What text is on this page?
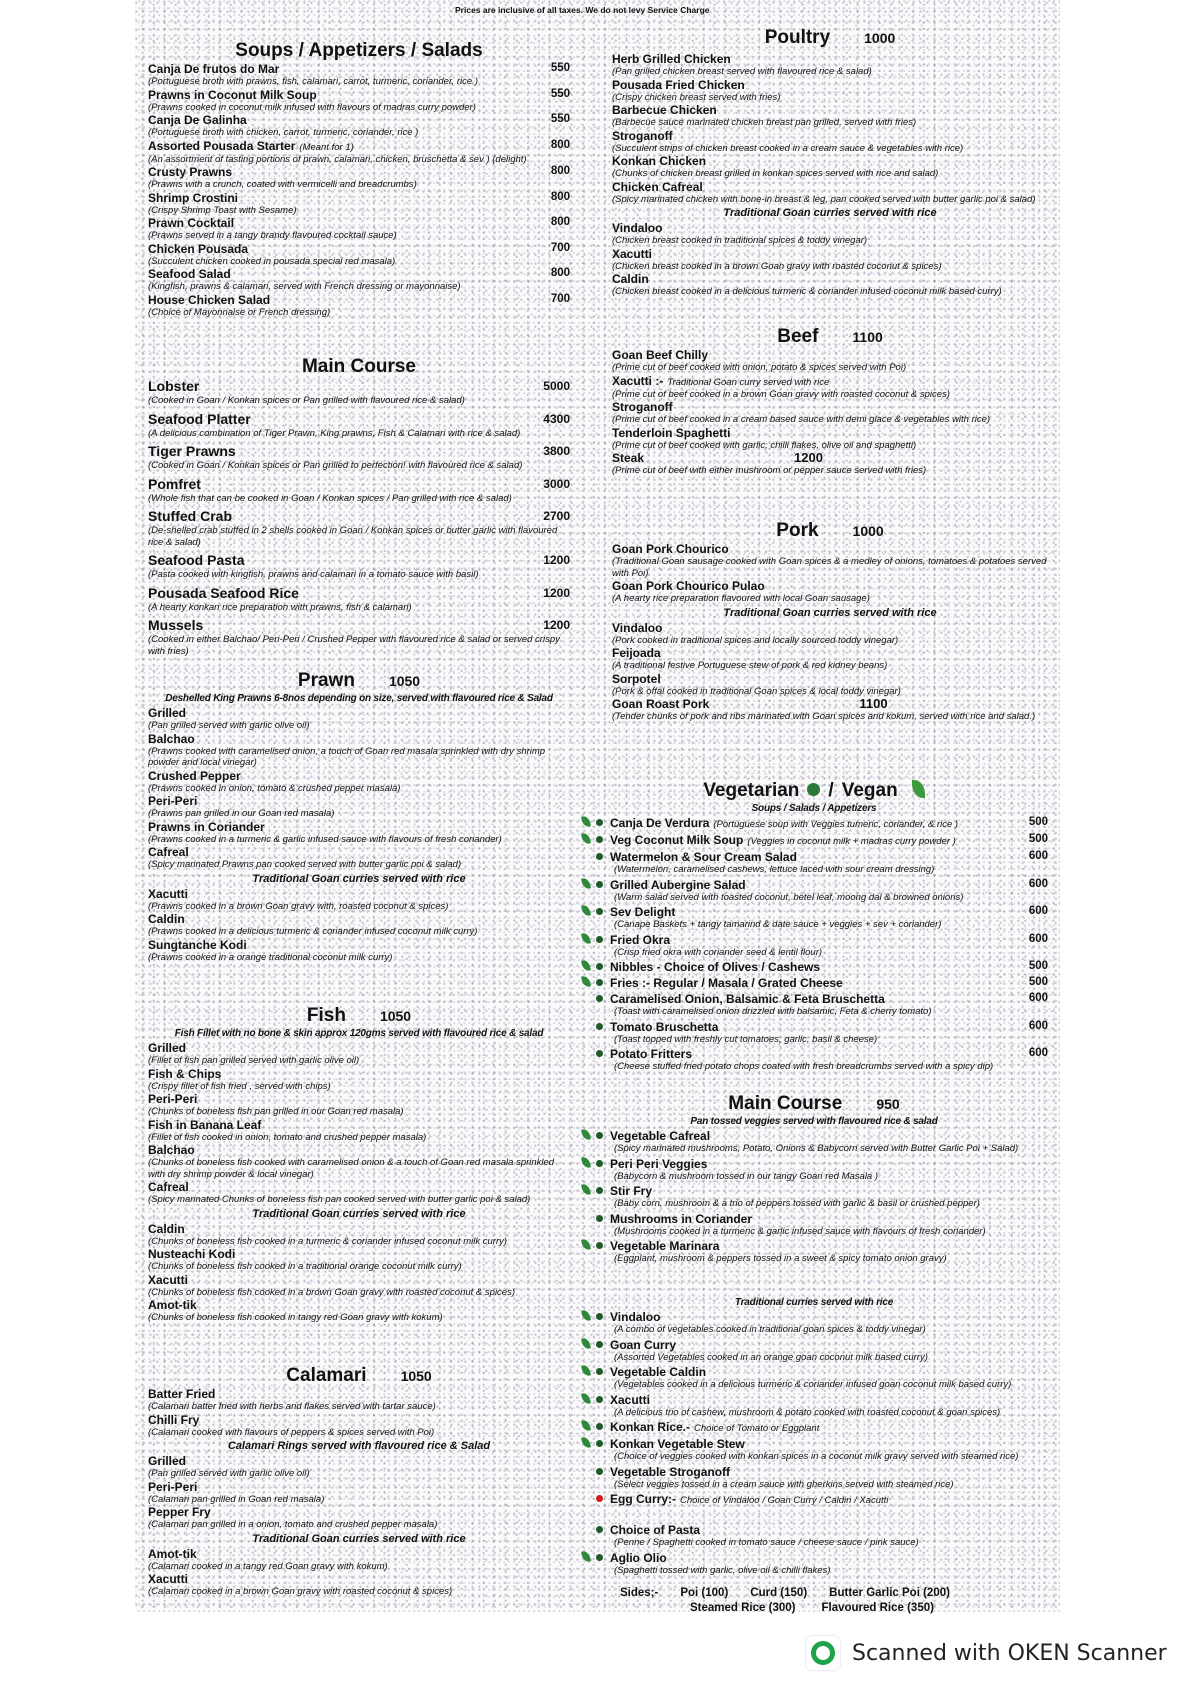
Prices are inclusive of all taxes. We do not levy Service Charge
Soups / Appetizers / Salads
Canja De frutos do Mar	550
(Portuguese broth with prawns, fish, calamari, carrot, turmeric, coriander, rice )
Prawns in Coconut Milk Soup	550
(Prawns cooked in coconut milk infused with flavours of madras curry powder)
Canja De Galinha	550
(Portuguese broth with chicken, carrot, turmeric, coriander, rice )
Assorted Pousada Starter (Meant for 1)	800
(An assortment of tasting portions of prawn, calamari, chicken, bruschetta & sev ) (delight)
Crusty Prawns	800
(Prawns with a crunch, coated with vermicelli and breadcrumbs)
Shrimp Crostini	800
(Crispy Shrimp Toast with Sesame)
Prawn Cocktail	800
(Prawns served in a tangy brandy flavoured cocktail sauce)
Chicken Pousada	700
(Succulent chicken cooked in pousada special red masala)
Seafood Salad	800
(Kingfish, prawns & calamari, served with French dressing or mayonnaise)
House Chicken Salad	700
(Choice of Mayonnaise or French dressing)
Main Course
Lobster	5000
(Cooked in Goan / Konkan spices or Pan grilled with flavoured rice & salad)
Seafood Platter	4300
(A delicious combination of Tiger Prawn, King prawns, Fish & Calamari with rice & salad)
Tiger Prawns	3800
(Cooked in Goan / Konkan spices or Pan grilled to perfection! with flavoured rice & salad)
Pomfret	3000
(Whole fish that can be cooked in Goan / Konkan spices / Pan grilled with rice & salad)
Stuffed Crab	2700
(De-shelled crab stuffed in 2 shells cooked in Goan / Konkan spices or butter garlic with flavoured rice & salad)
Seafood Pasta	1200
(Pasta cooked with kingfish, prawns and calamari in a tomato sauce with basil)
Pousada Seafood Rice	1200
(A hearty konkan rice preparation with prawns, fish & calamari)
Mussels	1200
(Cooked in either Balchao/ Peri-Peri / Crushed Pepper with flavoured rice & salad or served crispy with fries)
Prawn 1050
Deshelled King Prawns 6-8nos depending on size, served with flavoured rice & Salad
Grilled
(Pan grilled served with garlic olive oil)
Balchao
(Prawns cooked with caramelised onion, a touch of Goan red masala sprinkled with dry shrimp powder and local vinegar)
Crushed Pepper
(Prawns cooked in onion, tomato & crushed pepper masala)
Peri-Peri
(Prawns pan grilled in our Goan red masala)
Prawns in Coriander
(Prawns cooked in a turmeric & garlic infused sauce with flavours of fresh coriander)
Cafreal
(Spicy marinated Prawns pan cooked served with butter garlic poi & salad)
Traditional Goan curries served with rice
Xacutti
(Prawns cooked in a brown Goan gravy with, roasted coconut & spices)
Caldin
(Prawns cooked in a delicious turmeric & coriander infused coconut milk curry)
Sungtanche Kodi
(Prawns cooked in a orange traditional coconut milk curry)
Fish 1050
Fish Fillet with no bone & skin approx 120gms served with flavoured rice & salad
Grilled
(Fillet of fish pan grilled served with garlic olive oil)
Fish & Chips
(Crispy fillet of fish fried , served with chips)
Peri-Peri
(Chunks of boneless fish pan grilled in our Goan red masala)
Fish in Banana Leaf
(Fillet of fish cooked in onion, tomato and crushed pepper masala)
Balchao
(Chunks of boneless fish cooked with caramelised onion & a touch of Goan red masala sprinkled with dry shrimp powder & local vinegar)
Cafreal
(Spicy marinated Chunks of boneless fish pan cooked served with butter garlic poi & salad)
Traditional Goan curries served with rice
Caldin
(Chunks of boneless fish cooked in a turmeric & coriander infused coconut milk curry)
Nusteachi Kodi
(Chunks of boneless fish cooked in a traditional orange coconut milk curry)
Xacutti
(Chunks of boneless fish cooked in a brown Goan gravy with roasted coconut & spices)
Amot-tik
(Chunks of boneless fish cooked in tangy red Goan gravy with kokum)
Calamari 1050
Batter Fried
(Calamari batter fried with herbs and flakes served with tartar sauce)
Chilli Fry
(Calamari cooked with flavours of peppers & spices served with Poi)
Calamari Rings served with flavoured rice & Salad
Grilled
(Pan grilled served with garlic olive oil)
Peri-Peri
(Calamari pan grilled in Goan red masala)
Pepper Fry
(Calamari pan grilled in a onion, tomato and crushed pepper masala)
Traditional Goan curries served with rice
Amot-tik
(Calamari cooked in a tangy red Goan gravy with kokum)
Xacutti
(Calamari cooked in a brown Goan gravy with roasted coconut & spices)
Poultry 1000
Herb Grilled Chicken
(Pan grilled chicken breast served with flavoured rice & salad)
Pousada Fried Chicken
(Crispy chicken breast served with fries)
Barbecue Chicken
(Barbecue sauce marinated chicken breast pan grilled, served with fries)
Stroganoff
(Succulent strips of chicken breast cooked in a cream sauce & vegetables with rice)
Konkan Chicken
(Chunks of chicken breast grilled in konkan spices served with rice and salad)
Chicken Cafreal
(Spicy marinated chicken with bone-in breast & leg, pan cooked served with butter garlic poi & salad)
Traditional Goan curries served with rice
Vindaloo
(Chicken breast cooked in traditional spices & toddy vinegar)
Xacutti
(Chicken breast cooked in a brown Goan gravy with roasted coconut & spices)
Caldin
(Chicken breast cooked in a delicious turmeric & coriander infused coconut milk based curry)
Beef 1100
Goan Beef Chilly
(Prime cut of beef cooked with onion, potato & spices served with Poi)
Xacutti :- Traditional Goan curry served with rice
(Prime cut of beef cooked in a brown Goan gravy with roasted coconut & spices)
Stroganoff
(Prime cut of beef cooked in a cream based sauce with demi glace & vegetables with rice)
Tenderloin Spaghetti
(Prime cut of beef cooked with garlic, chilli flakes, olive oil and spaghetti)
Steak	1200
(Prime cut of beef with either mushroom or pepper sauce served with fries)
Pork 1000
Goan Pork Chourico
(Traditional Goan sausage cooked with Goan spices & a medley of onions, tomatoes & potatoes served with Poi)
Goan Pork Chourico Pulao
(A hearty rice preparation flavoured with local Goan sausage)
Traditional Goan curries served with rice
Vindaloo
(Pork cooked in traditional spices and locally sourced toddy vinegar)
Feijoada
(A traditional festive Portuguese stew of pork & red kidney beans)
Sorpotel
(Pork & offal cooked in traditional Goan spices & local toddy vinegar)
Goan Roast Pork	1100
(Tender chunks of pork and ribs marinated with Goan spices and kokum, served with rice and salad.)
Vegetarian / Vegan
Soups / Salads / Appetizers
Canja De Verdura (Portuguese soup with Veggies tumeric, coriander, & rice )	500
Veg Coconut Milk Soup (Veggies in coconut milk + madras curry powder )	500
Watermelon & Sour Cream Salad	600
(Watermelon, caramelised cashews, lettuce laced with sour cream dressing)
Grilled Aubergine Salad	600
(Warm salad served with toasted coconut, betel leaf, moong dal & browned onions)
Sev Delight	600
(Canape Baskets + tangy tamarind & date sauce + veggies + sev + coriander)
Fried Okra	600
(Crisp fried okra with coriander seed & lentil flour)
Nibbles - Choice of Olives / Cashews	500
Fries :- Regular / Masala / Grated Cheese	500
Caramelised Onion, Balsamic & Feta Bruschetta	600
(Toast with caramelised onion drizzled with balsamic, Feta & cherry tomato)
Tomato Bruschetta	600
(Toast topped with freshly cut tomatoes, garlic, basil & cheese)
Potato Fritters	600
(Cheese stuffed fried potato chops coated with fresh breadcrumbs served with a spicy dip)
Main Course 950
Pan tossed veggies served with flavoured rice & salad
Vegetable Cafreal
(Spicy marinated mushrooms, Potato, Onions & Babycorn served with Butter Garlic Poi + Salad)
Peri Peri Veggies
(Babycorn & mushroom tossed in our tangy Goan red Masala )
Stir Fry
(Baby corn, mushroom & a trio of peppers tossed with garlic & basil or crushed pepper)
Mushrooms in Coriander
(Mushrooms cooked in a turmeric & garlic infused sauce with flavours of fresh coriander)
Vegetable Marinara
(Eggplant, mushroom & peppers tossed in a sweet & spicy tomato onion gravy)
Traditional curries served with rice
Vindaloo
(A combo of vegetables cooked in traditional goan spices & toddy vinegar)
Goan Curry
(Assorted Vegetables cooked in an orange goan coconut milk based curry)
Vegetable Caldin
(Vegetables cooked in a delicious turmeric & coriander infused goan coconut milk based curry)
Xacutti
(A delicious trio of cashew, mushroom & potato cooked with roasted coconut & goan spices)
Konkan Rice.- Choice of Tomato or Eggplant
Konkan Vegetable Stew
(Choice of veggies cooked with konkan spices in a coconut milk gravy served with steamed rice)
Vegetable Stroganoff
(Select veggies tossed in a cream sauce with gherkins served with steamed rice)
Egg Curry:- Choice of Vindaloo / Goan Curry / Caldin / Xacutti
Choice of Pasta
(Penne / Spaghetti cooked in tomato sauce / cheese sauce / pink sauce)
Aglio Olio
(Spaghetti tossed with garlic, olive oil & chilli flakes)
Sides;- Poi (100) Curd (150) Butter Garlic Poi (200)
Steamed Rice (300) Flavoured Rice (350)
Scanned with OKEN Scanner
